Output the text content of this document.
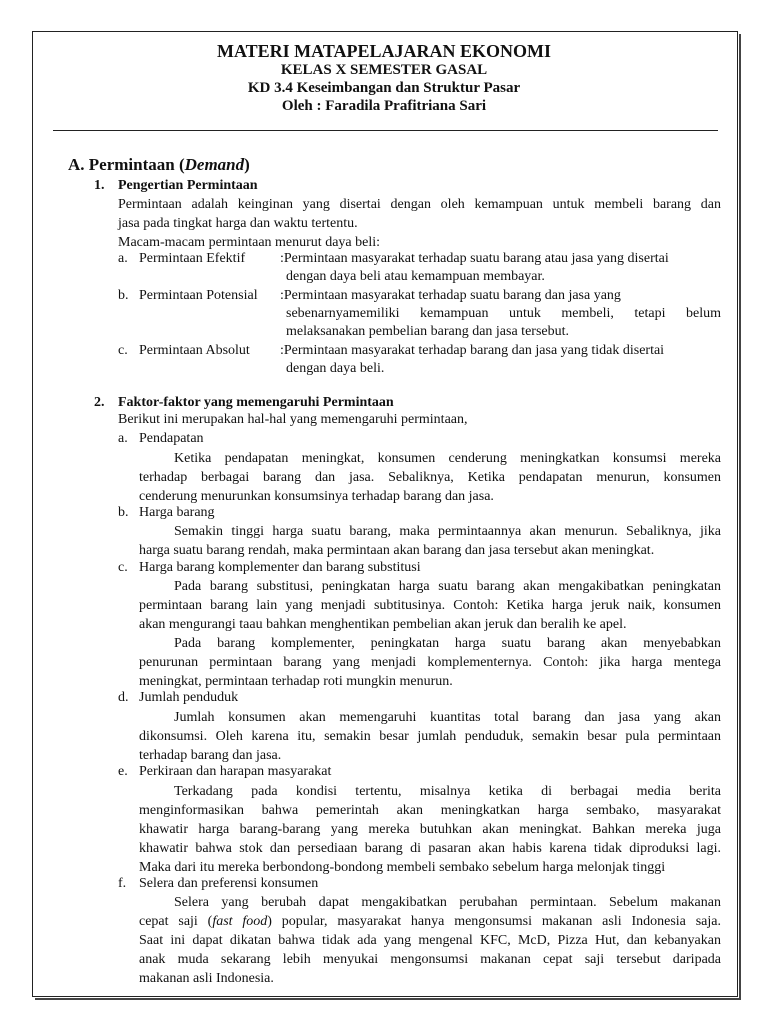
MATERI MATAPELAJARAN EKONOMI
KELAS X SEMESTER GASAL
KD 3.4 Keseimbangan dan Struktur Pasar
Oleh : Faradila Prafitriana Sari
A. Permintaan (Demand)
1. Pengertian Permintaan
Permintaan adalah keinginan yang disertai dengan oleh kemampuan untuk membeli barang dan
jasa pada tingkat harga dan waktu tertentu.
Macam-macam permintaan menurut daya beli:
a. Permintaan Efektif :Permintaan masyarakat terhadap suatu barang atau jasa yang disertai
dengan daya beli atau kemampuan membayar.
b. Permintaan Potensial :Permintaan masyarakat terhadap suatu barang dan jasa yang
sebenarnyamemiliki kemampuan untuk membeli, tetapi belum
melaksanakan pembelian barang dan jasa tersebut.
c. Permintaan Absolut :Permintaan masyarakat terhadap barang dan jasa yang tidak disertai
dengan daya beli.
2. Faktor-faktor yang memengaruhi Permintaan
Berikut ini merupakan hal-hal yang memengaruhi permintaan,
a. Pendapatan
Ketika pendapatan meningkat, konsumen cenderung meningkatkan konsumsi mereka
terhadap berbagai barang dan jasa. Sebaliknya, Ketika pendapatan menurun, konsumen
cenderung menurunkan konsumsinya terhadap barang dan jasa.
b. Harga barang
Semakin tinggi harga suatu barang, maka permintaannya akan menurun. Sebaliknya, jika
harga suatu barang rendah, maka permintaan akan barang dan jasa tersebut akan meningkat.
c. Harga barang komplementer dan barang substitusi
Pada barang substitusi, peningkatan harga suatu barang akan mengakibatkan peningkatan
permintaan barang lain yang menjadi subtitusinya. Contoh: Ketika harga jeruk naik, konsumen
akan mengurangi taau bahkan menghentikan pembelian akan jeruk dan beralih ke apel.
Pada barang komplementer, peningkatan harga suatu barang akan menyebabkan
penurunan permintaan barang yang menjadi komplementernya. Contoh: jika harga mentega
meningkat, permintaan terhadap roti mungkin menurun.
d. Jumlah penduduk
Jumlah konsumen akan memengaruhi kuantitas total barang dan jasa yang akan
dikonsumsi. Oleh karena itu, semakin besar jumlah penduduk, semakin besar pula permintaan
terhadap barang dan jasa.
e. Perkiraan dan harapan masyarakat
Terkadang pada kondisi tertentu, misalnya ketika di berbagai media berita
menginformasikan bahwa pemerintah akan meningkatkan harga sembako, masyarakat
khawatir harga barang-barang yang mereka butuhkan akan meningkat. Bahkan mereka juga
khawatir bahwa stok dan persediaan barang di pasaran akan habis karena tidak diproduksi lagi.
Maka dari itu mereka berbondong-bondong membeli sembako sebelum harga melonjak tinggi
f. Selera dan preferensi konsumen
Selera yang berubah dapat mengakibatkan perubahan permintaan. Sebelum makanan
cepat saji (fast food) popular, masyarakat hanya mengonsumsi makanan asli Indonesia saja.
Saat ini dapat dikatan bahwa tidak ada yang mengenal KFC, McD, Pizza Hut, dan kebanyakan
anak muda sekarang lebih menyukai mengonsumsi makanan cepat saji tersebut daripada
makanan asli Indonesia.
